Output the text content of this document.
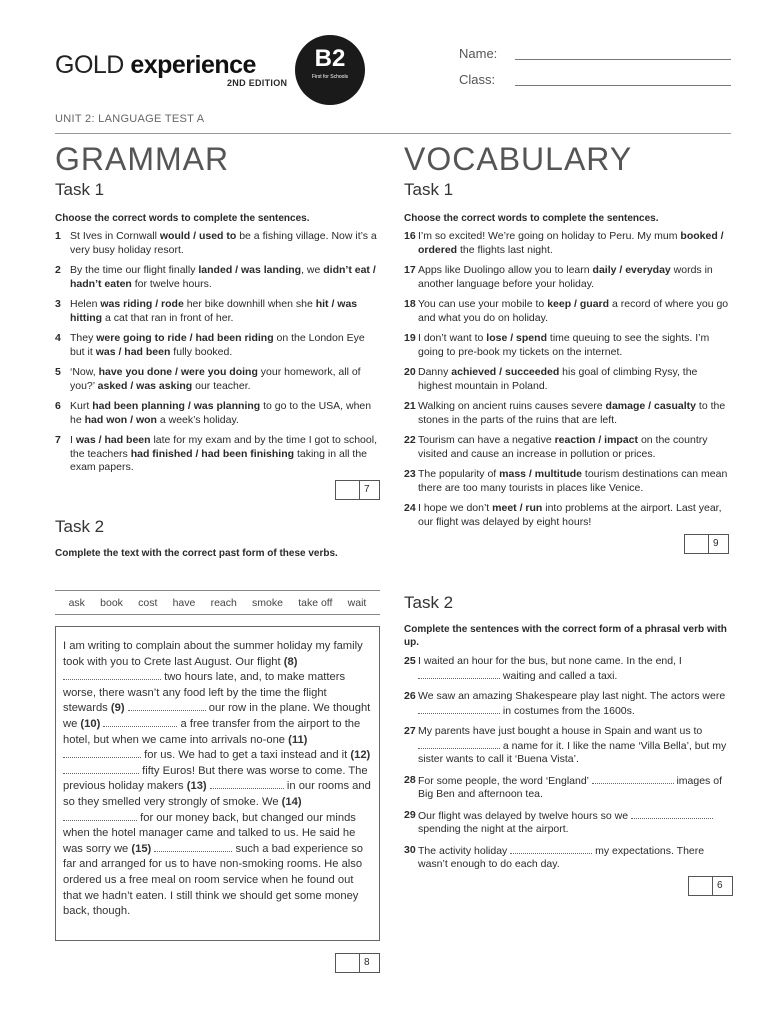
GOLD experience
2ND EDITION
B2
First for Schools
Name:
Class:
UNIT 2: LANGUAGE TEST A
GRAMMAR
Task 1
Choose the correct words to complete the sentences.
1 St Ives in Cornwall would / used to be a fishing village. Now it’s a very busy holiday resort.
2 By the time our flight finally landed / was landing, we didn’t eat / hadn’t eaten for twelve hours.
3 Helen was riding / rode her bike downhill when she hit / was hitting a cat that ran in front of her.
4 They were going to ride / had been riding on the London Eye but it was / had been fully booked.
5 ‘Now, have you done / were you doing your homework, all of you?’ asked / was asking our teacher.
6 Kurt had been planning / was planning to go to the USA, when he had won / won a week’s holiday.
7 I was / had been late for my exam and by the time I got to school, the teachers had finished / had been finishing taking in all the exam papers.
7
Task 2
Complete the text with the correct past form of these verbs.
ask book cost have reach smoke take off wait
I am writing to complain about the summer holiday my family took with you to Crete last August. Our flight (8)  two hours late, and, to make matters worse, there wasn’t any food left by the time the flight stewards (9)	our row in the plane. We thought we (10)	a free transfer from the airport to the hotel, but when we came into arrivals no-one (11)  for us. We had to get a taxi instead and it (12)  fifty Euros! But there was worse to come. The previous holiday makers (13)	in our rooms and so they smelled very strongly of smoke. We (14)  for our money back, but changed our minds when the hotel manager came and talked to us. He said he was sorry we (15)	such a bad experience so far and arranged for us to have non-smoking rooms. He also ordered us a free meal on room service when he found out that we hadn’t eaten. I still think we should get some money back, though.
8
VOCABULARY
Task 1
Choose the correct words to complete the sentences.
16 I’m so excited! We’re going on holiday to Peru. My mum booked / ordered the flights last night.
17 Apps like Duolingo allow you to learn daily / everyday words in another language before your holiday.
18 You can use your mobile to keep / guard a record of where you go and what you do on holiday.
19 I don’t want to lose / spend time queuing to see the sights. I’m going to pre-book my tickets on the internet.
20 Danny achieved / succeeded his goal of climbing Rysy, the highest mountain in Poland.
21 Walking on ancient ruins causes severe damage / casualty to the stones in the parts of the ruins that are left.
22 Tourism can have a negative reaction / impact on the country visited and cause an increase in pollution or prices.
23 The popularity of mass / multitude tourism destinations can mean there are too many tourists in places like Venice.
24 I hope we don’t meet / run into problems at the airport. Last year, our flight was delayed by eight hours!
9
Task 2
Complete the sentences with the correct form of a phrasal verb with up.
25 I waited an hour for the bus, but none came. In the end, I  waiting and called a taxi.
26 We saw an amazing Shakespeare play last night. The actors were  in costumes from the 1600s.
27 My parents have just bought a house in Spain and want us to  a name for it. I like the name ‘Villa Bella’, but my sister wants to call it ‘Buena Vista’.
28 For some people, the word ‘England’	images of Big Ben and afternoon tea.
29 Our flight was delayed by twelve hours so we  spending the night at the airport.
30 The activity holiday	my expectations. There wasn’t enough to do each day.
6
